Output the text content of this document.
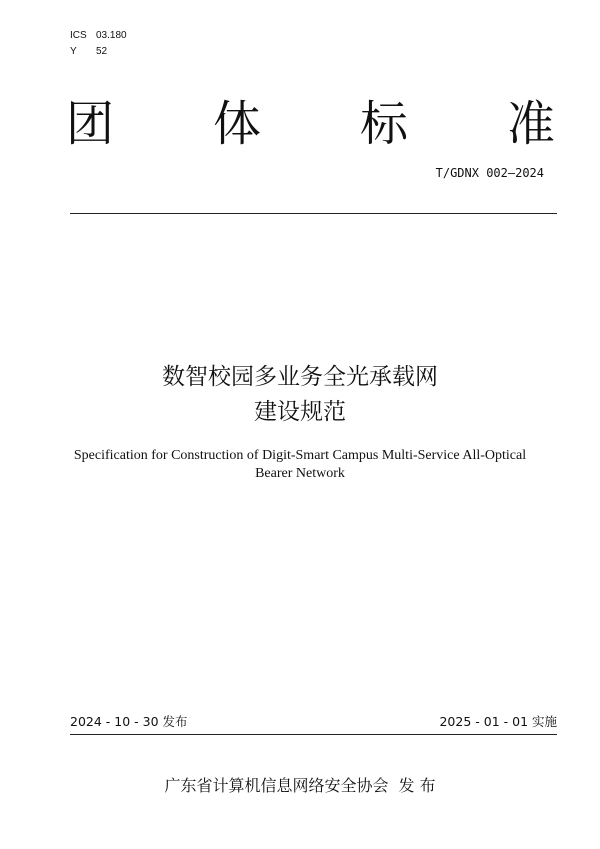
ICS 03.180
Y 52
团 体 标 准
T/GDNX 002—2024
数智校园多业务全光承载网
建设规范
Specification for Construction of Digit-Smart Campus Multi-Service All-Optical
Bearer Network
2024 - 10 - 30 发布	2025 - 01 - 01 实施
广东省计算机信息网络安全协会 发 布
